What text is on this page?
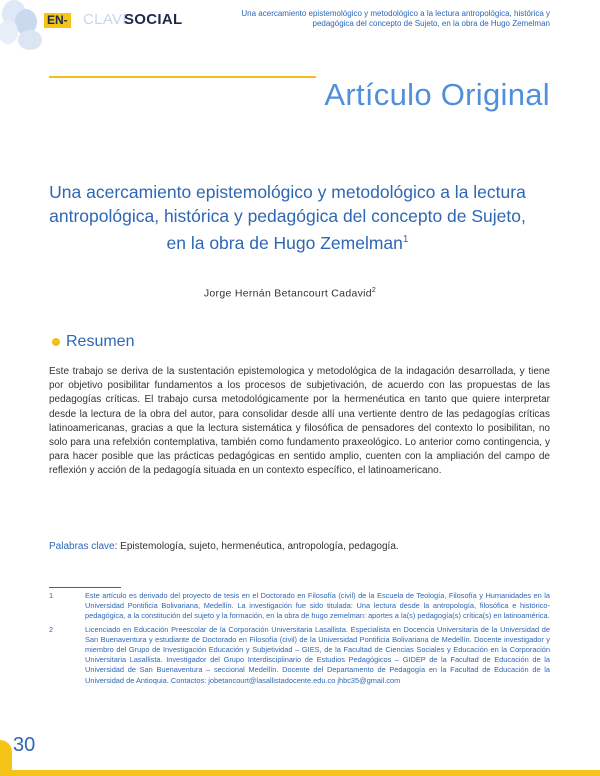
EN- CLAVE
SOCIAL	Una acercamiento epistemológico y metodológico a la lectura antropológica, histórica y pedagógica del concepto de Sujeto, en la obra de Hugo Zemelman
Artículo Original
Una acercamiento epistemológico y metodológico a la lectura antropológica, histórica y pedagógica del concepto de Sujeto, en la obra de Hugo Zemelman$^1$
Jorge Hernán Betancourt Cadavid$^2$
Resumen

Este trabajo se deriva de la sustentación epistemologica y metodológica de la indagación desarrollada, y tiene por objetivo posibilitar fundamentos a los procesos de subjetivación, de acuerdo con las propuestas de las pedagogías críticas. El trabajo cursa metodológicamente por la hermenéutica en tanto que quiere interpretar desde la lectura de la obra del autor, para consolidar desde allí una vertiente dentro de las pedagogías críticas latinoamericanas, gracias a que la lectura sistemática y filosófica de pensadores del contexto lo posibilitan, no solo para una refelxión contemplativa, también como fundamento praxeológico. Lo anterior como contingencia, y para hacer posible que las prácticas pedagógicas en sentido amplio, cuenten con la ampliación del campo de reflexión y acción de la pedagogía situada en un contexto específico, el latinoamericano.

Palabras clave: Epistemología, sujeto, hermenéutica, antropología, pedagogía.
1	Este artículo es derivado del proyecto de tesis en el Doctorado en Filosofía (civil) de la Escuela de Teología, Filosofía y Humanidades en la Universidad Pontificia Bolivariana, Medellín. La investigación fue sido titulada: Una lectura desde la antropología, filosófica e histórico- pedagógica, a la constitución del sujeto y la formación, en la obra de hugo zemelman: aportes a la(s) pedagogía(s) crítica(s) en latinoamérica.
2	Licenciado en Educación Preescolar de la Corporación Universitaria Lasallista. Especialista en Docencia Universitaria de la Universidad de San Buenaventura y estudiante de Doctorado en Filosofía (civil) de la Universidad Pontificia Bolivariana de Medellín. Docente investigador y miembro del Grupo de Investigación Educación y Subjetividad – GIES, de la Facultad de Ciencias Sociales y Educación en la Corporación Universitaria Lasallista. Investigador del Grupo Interdisciplinario de Estudios Pedagógicos – GIDEP de la Facultad de Educación de la Universidad de San Buenaventura – seccional Medellín. Docente del Departamento de Pedagogía en la Facultad de Educación de la Universidad de Antioquia. Contactos: jobetancourt@lasallistadocente.edu.co jhbc35@gmail.com
30
